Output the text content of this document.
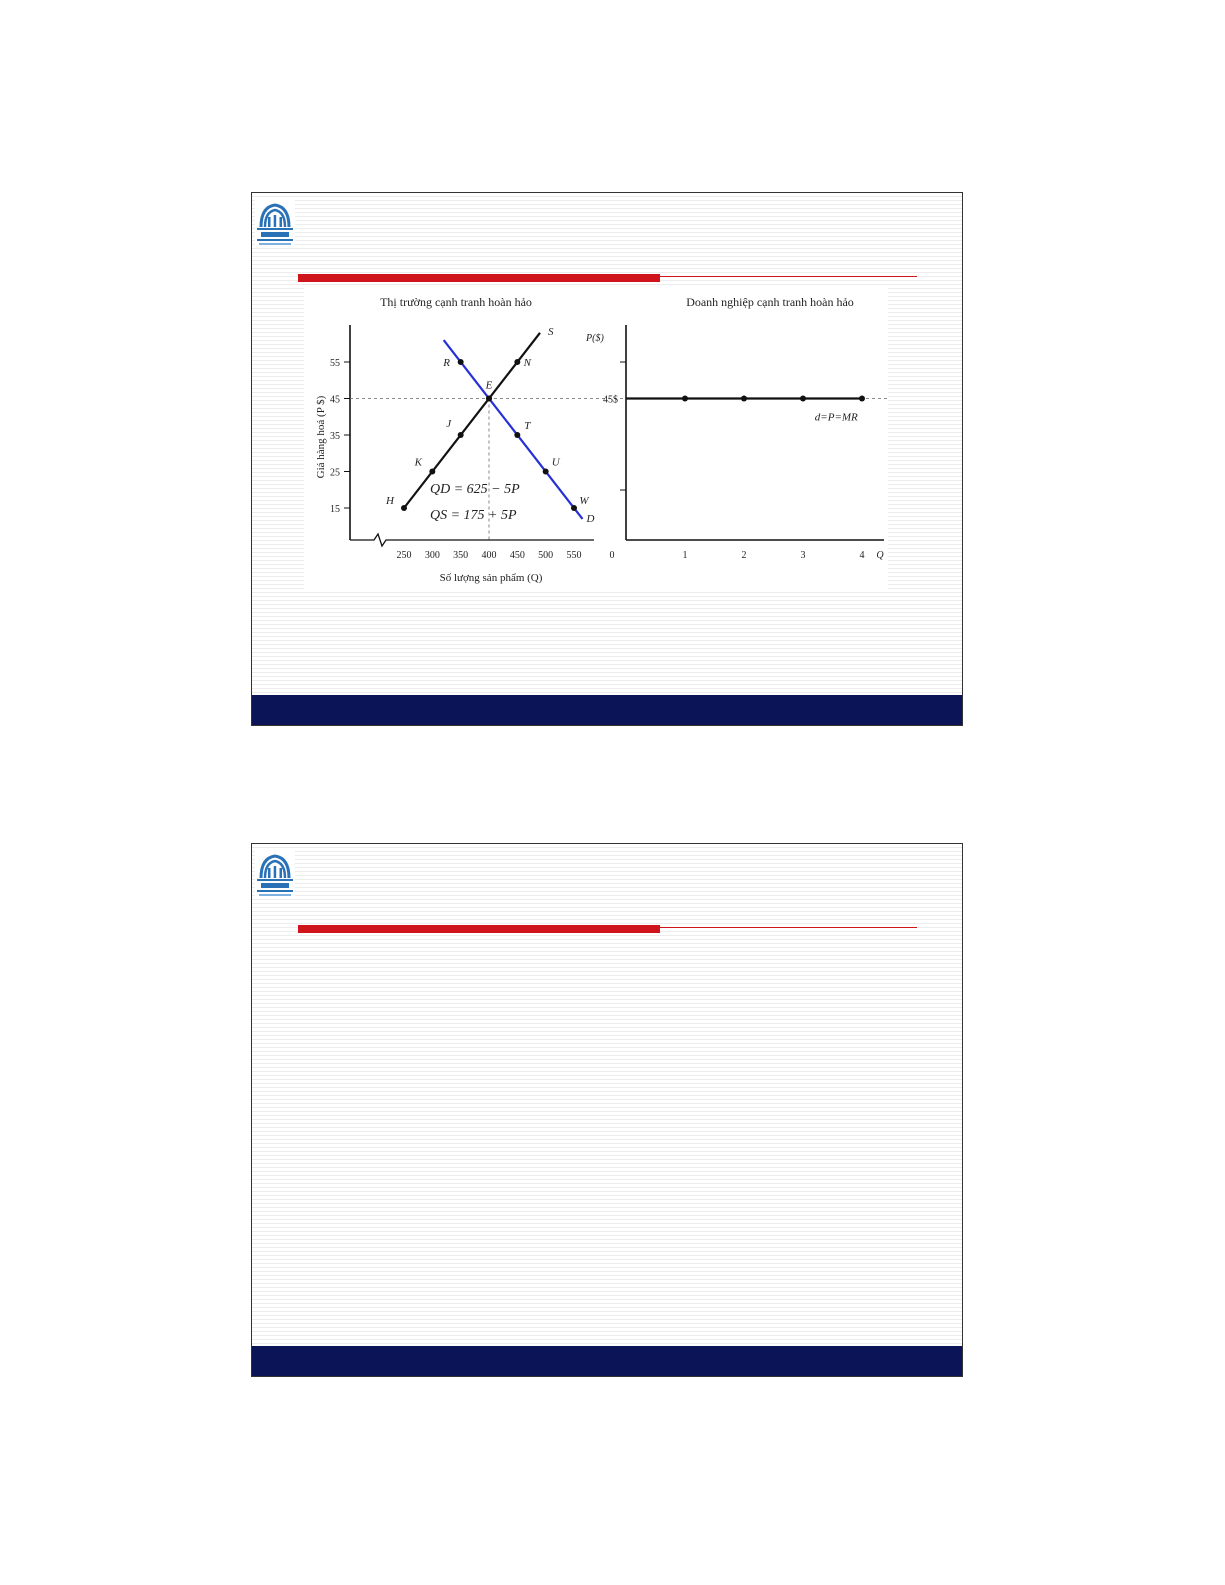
Thị trường cạnh tranh hoàn hảo
Giá hàng hoá (P $)
15
25
35
45
55
250 300 350 400 450 500 550
Số lượng sản phẩm (Q)
H
K
J
E
N
R
T
U
W
D
S
QD = 625 − 5P
QS = 175 + 5P
Doanh nghiệp cạnh tranh hoàn hảo
P($)
45$
0	1	2	3	4 Q
d=P=MR
